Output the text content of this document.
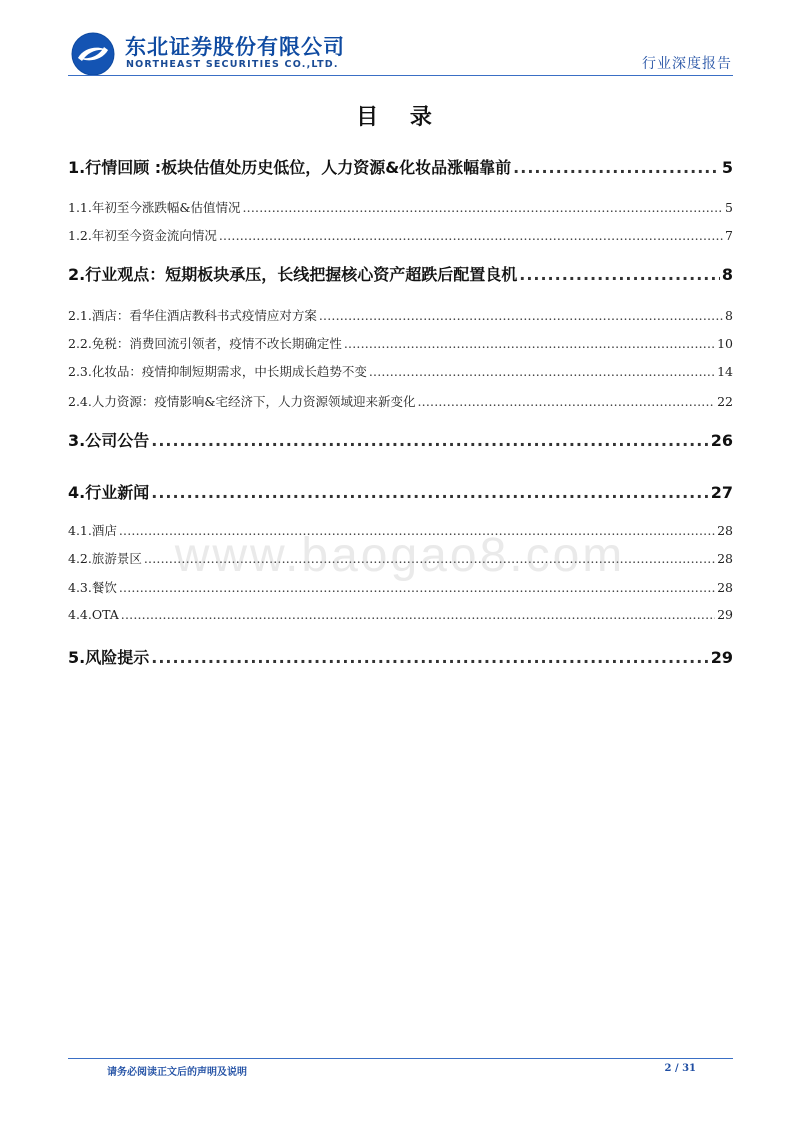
东北证券股份有限公司
NORTHEAST SECURITIES CO.,LTD.	行业深度报告
目 录
1. 行情回顾 :板块估值处历史低位，人力资源&化妆品涨幅靠前 .....	5
1.1. 年初至今涨跌幅&估值情况 .....	5
1.2. 年初至今资金流向情况 .....	7
2. 行业观点：短期板块承压，长线把握核心资产超跌后配置良机 .....	8
2.1. 酒店：看华住酒店教科书式疫情应对方案 .....	8
2.2. 免税：消费回流引领者，疫情不改长期确定性 .....	10
2.3. 化妆品：疫情抑制短期需求，中长期成长趋势不变 .....	14
2.4. 人力资源：疫情影响&宅经济下，人力资源领域迎来新变化 .....	22
3. 公司公告 .....	26
4. 行业新闻 .....	27
4.1. 酒店 .....	28
4.2. 旅游景区 .....	28
4.3. 餐饮 .....	28
4.4. OTA .....	29
5. 风险提示 .....	29
www.baogao8.com
请务必阅读正文后的声明及说明	2 / 31
